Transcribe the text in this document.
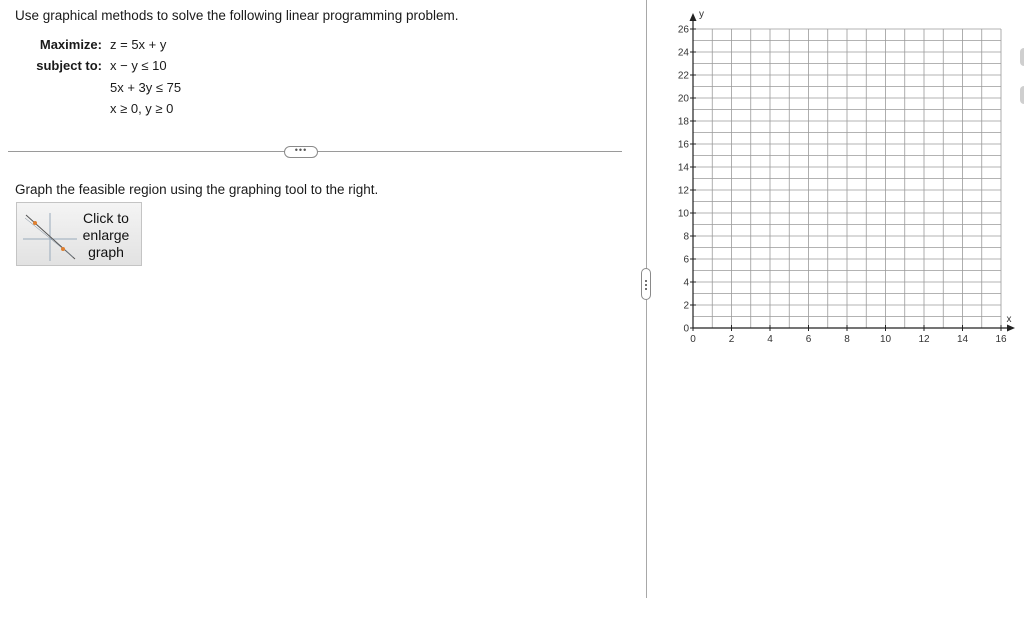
Use graphical methods to solve the following linear programming problem.
Maximize: z = 5x + y
subject to: x − y ≤ 10
5x + 3y ≤ 75
x ≥ 0, y ≥ 0
•••
Graph the feasible region using the graphing tool to the right.
Click to
enlarge
graph
0	2	4	6	8	10	12	14	16
0
2
4
6
8
10
12
14
16
18
20
22
24
26
x
y
